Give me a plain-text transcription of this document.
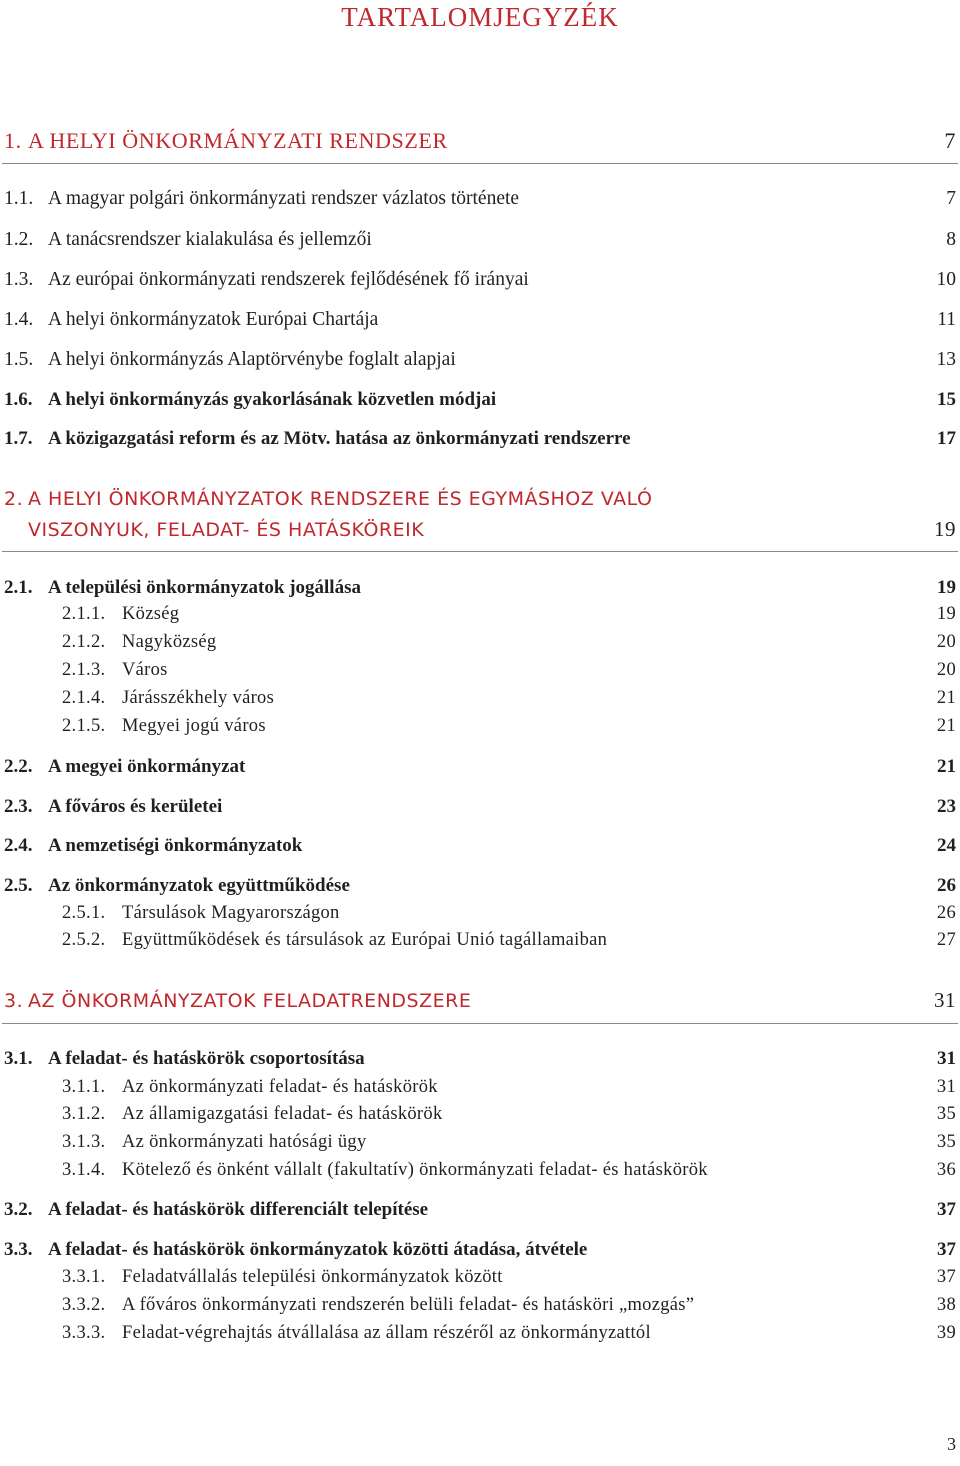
TARTALOMJEGYZÉK
1. A HELYI ÖNKORMÁNYZATI RENDSZER	7
1.1. A magyar polgári önkormányzati rendszer vázlatos története	7
1.2. A tanácsrendszer kialakulása és jellemzői	8
1.3. Az európai önkormányzati rendszerek fejlődésének fő irányai	10
1.4. A helyi önkormányzatok Európai Chartája	11
1.5. A helyi önkormányzás Alaptörvénybe foglalt alapjai	13
1.6. A helyi önkormányzás gyakorlásának közvetlen módjai	15
1.7. A közigazgatási reform és az Mötv. hatása az önkormányzati rendszerre	17
2. A HELYI ÖNKORMÁNYZATOK RENDSZERE ÉS EGYMÁSHOZ VALÓ
VISZONYUK, FELADAT- ÉS HATÁSKÖREIK	19
2.1. A települési önkormányzatok jogállása	19
2.1.1. Község	19
2.1.2. Nagyközség	20
2.1.3. Város	20
2.1.4. Járásszékhely város	21
2.1.5. Megyei jogú város	21
2.2. A megyei önkormányzat	21
2.3. A főváros és kerületei	23
2.4. A nemzetiségi önkormányzatok	24
2.5. Az önkormányzatok együttműködése	26
2.5.1. Társulások Magyarországon	26
2.5.2. Együttműködések és társulások az Európai Unió tagállamaiban	27
3. AZ ÖNKORMÁNYZATOK FELADATRENDSZERE	31
3.1. A feladat- és hatáskörök csoportosítása	31
3.1.1. Az önkormányzati feladat- és hatáskörök	31
3.1.2. Az államigazgatási feladat- és hatáskörök	35
3.1.3. Az önkormányzati hatósági ügy	35
3.1.4. Kötelező és önként vállalt (fakultatív) önkormányzati feladat- és hatáskörök	36
3.2. A feladat- és hatáskörök differenciált telepítése	37
3.3. A feladat- és hatáskörök önkormányzatok közötti átadása, átvétele	37
3.3.1. Feladatvállalás települési önkormányzatok között	37
3.3.2. A főváros önkormányzati rendszerén belüli feladat- és hatásköri „mozgás”	38
3.3.3. Feladat-végrehajtás átvállalása az állam részéről az önkormányzattól	39
3
